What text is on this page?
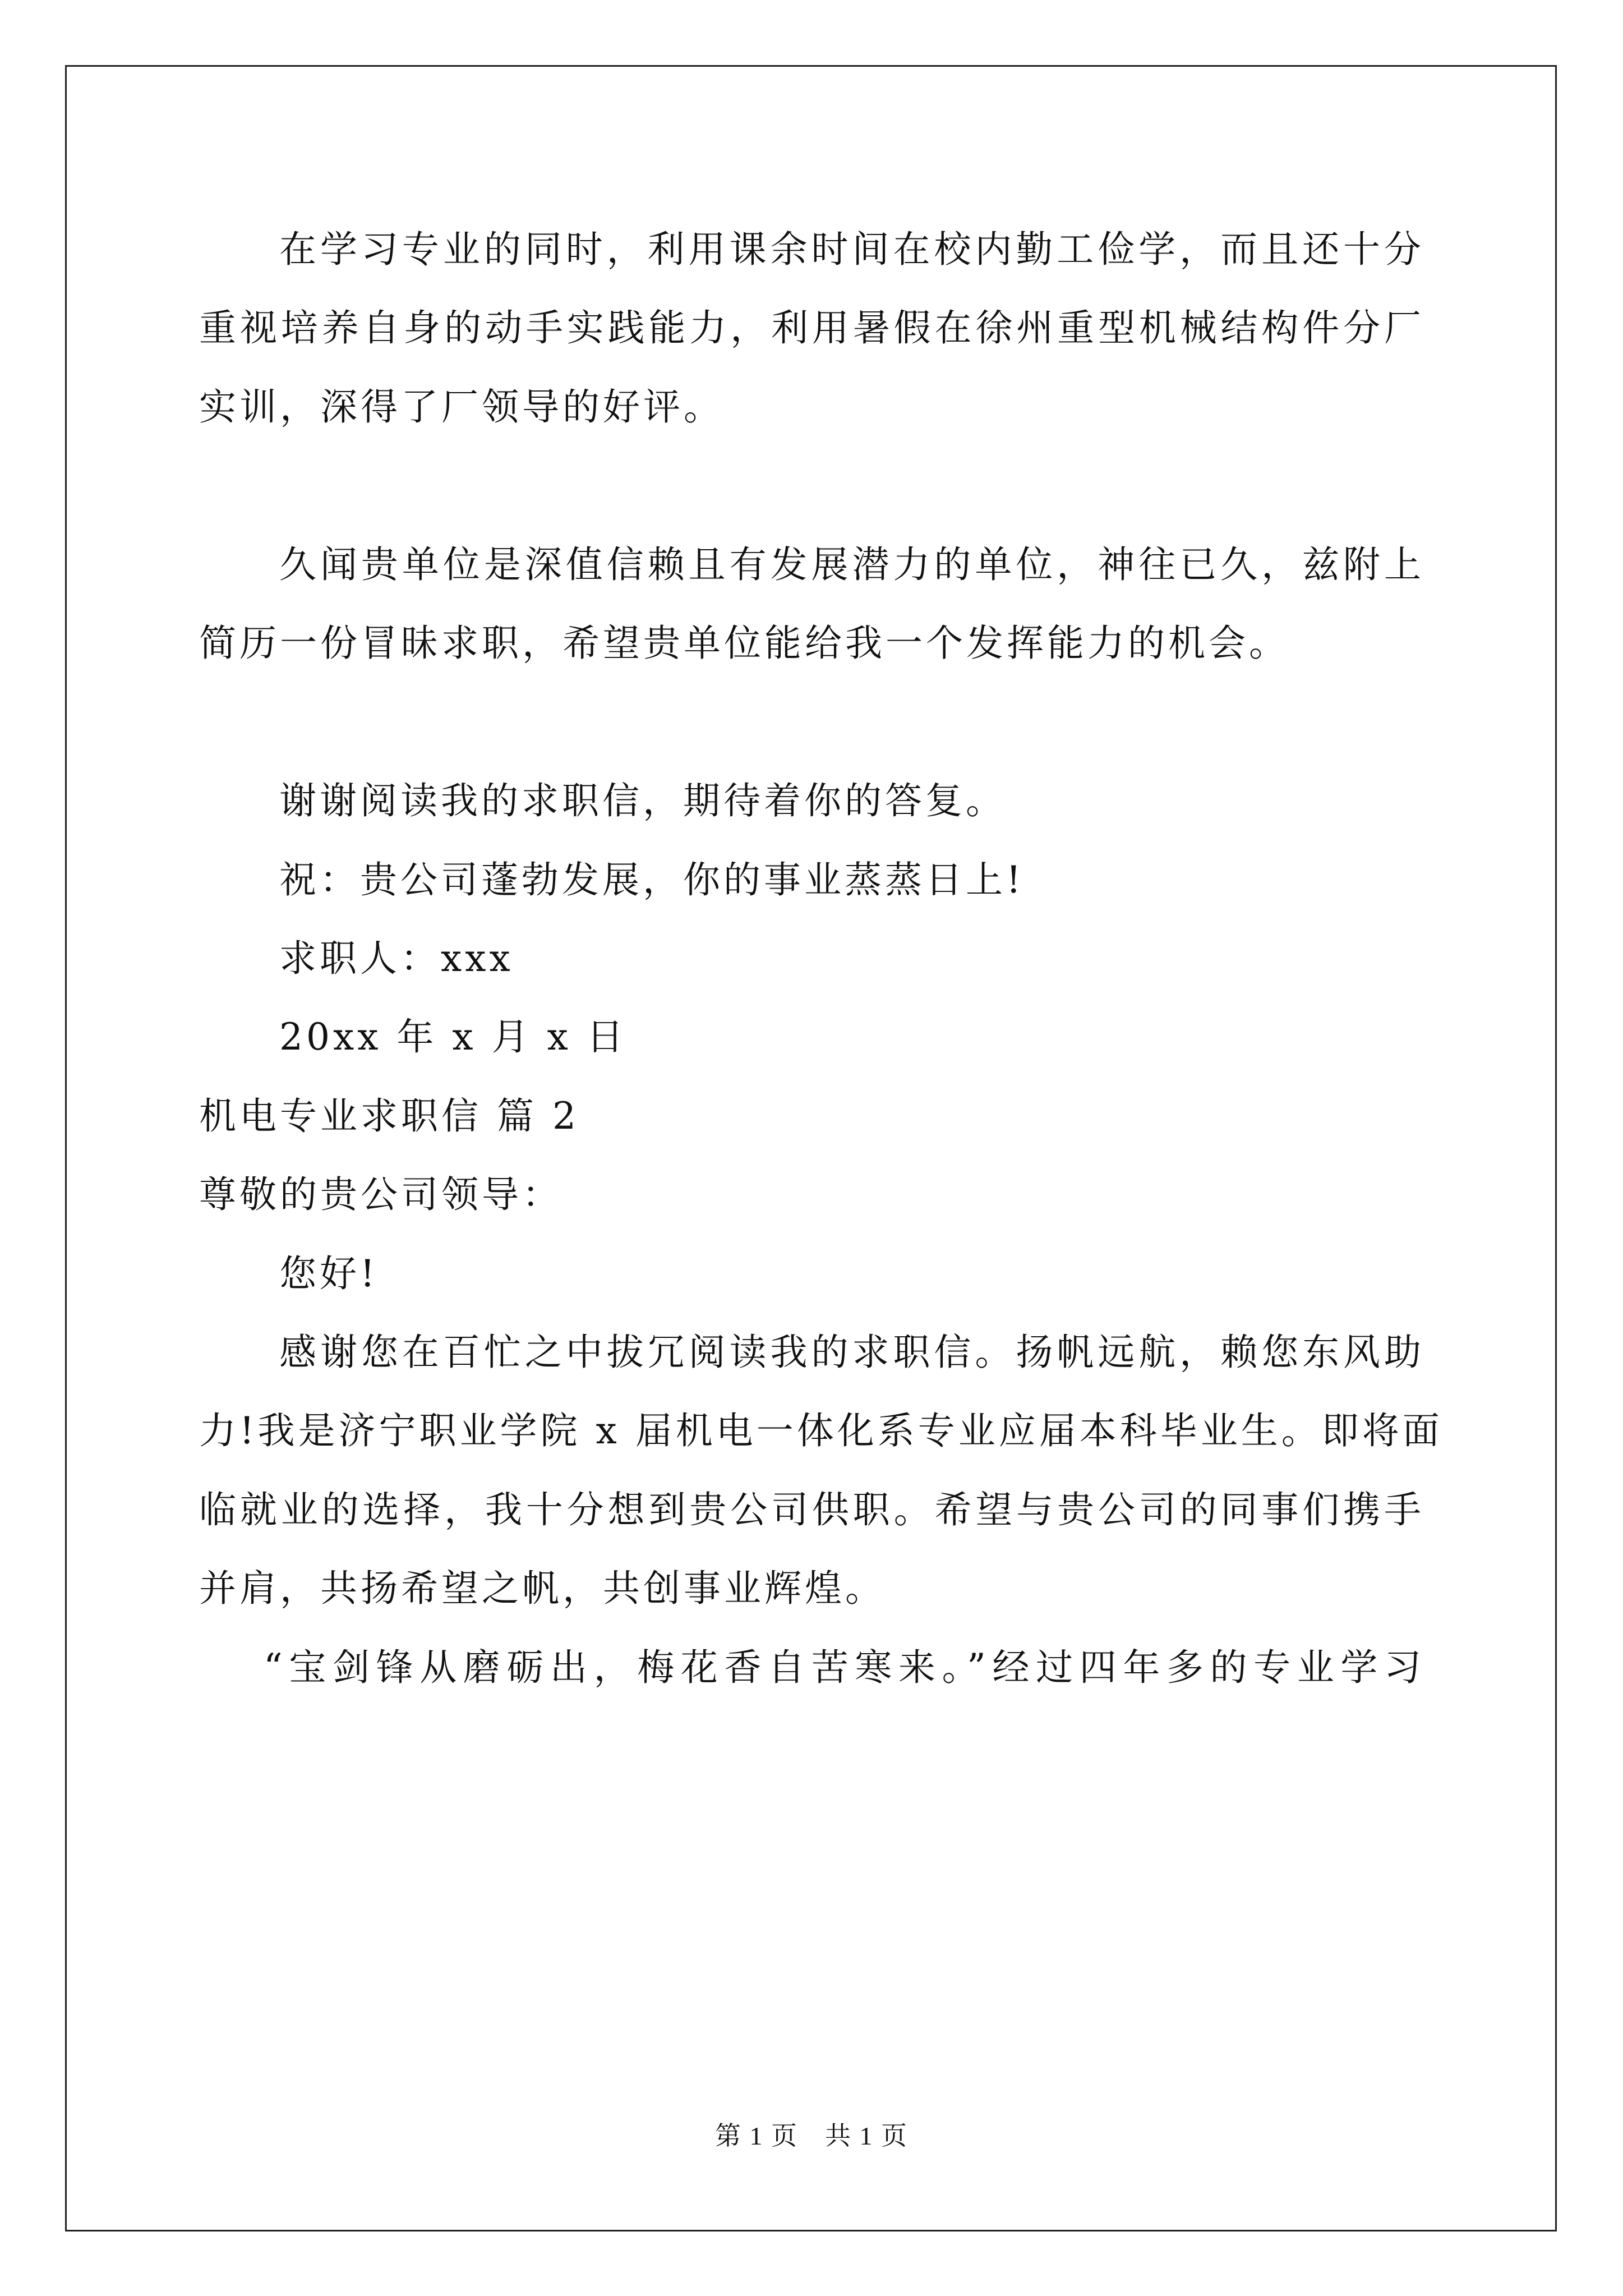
在学习专业的同时，利用课余时间在校内勤工俭学，而且还十分
重视培养自身的动手实践能力，利用暑假在徐州重型机械结构件分厂
实训，深得了厂领导的好评。
久闻贵单位是深值信赖且有发展潜力的单位，神往已久，兹附上
简历一份冒昧求职，希望贵单位能给我一个发挥能力的机会。
谢谢阅读我的求职信，期待着你的答复。
祝：贵公司蓬勃发展，你的事业蒸蒸日上!
求职人：xxx
20xx 年 x 月 x 日
机电专业求职信 篇 2
尊敬的贵公司领导：
您好!
感谢您在百忙之中拔冗阅读我的求职信。扬帆远航，赖您东风助
力!我是济宁职业学院 x 届机电一体化系专业应届本科毕业生。即将面
临就业的选择，我十分想到贵公司供职。希望与贵公司的同事们携手
并肩，共扬希望之帆，共创事业辉煌。
“宝剑锋从磨砺出，梅花香自苦寒来。”经过四年多的专业学习
第 1 页　共 1 页
